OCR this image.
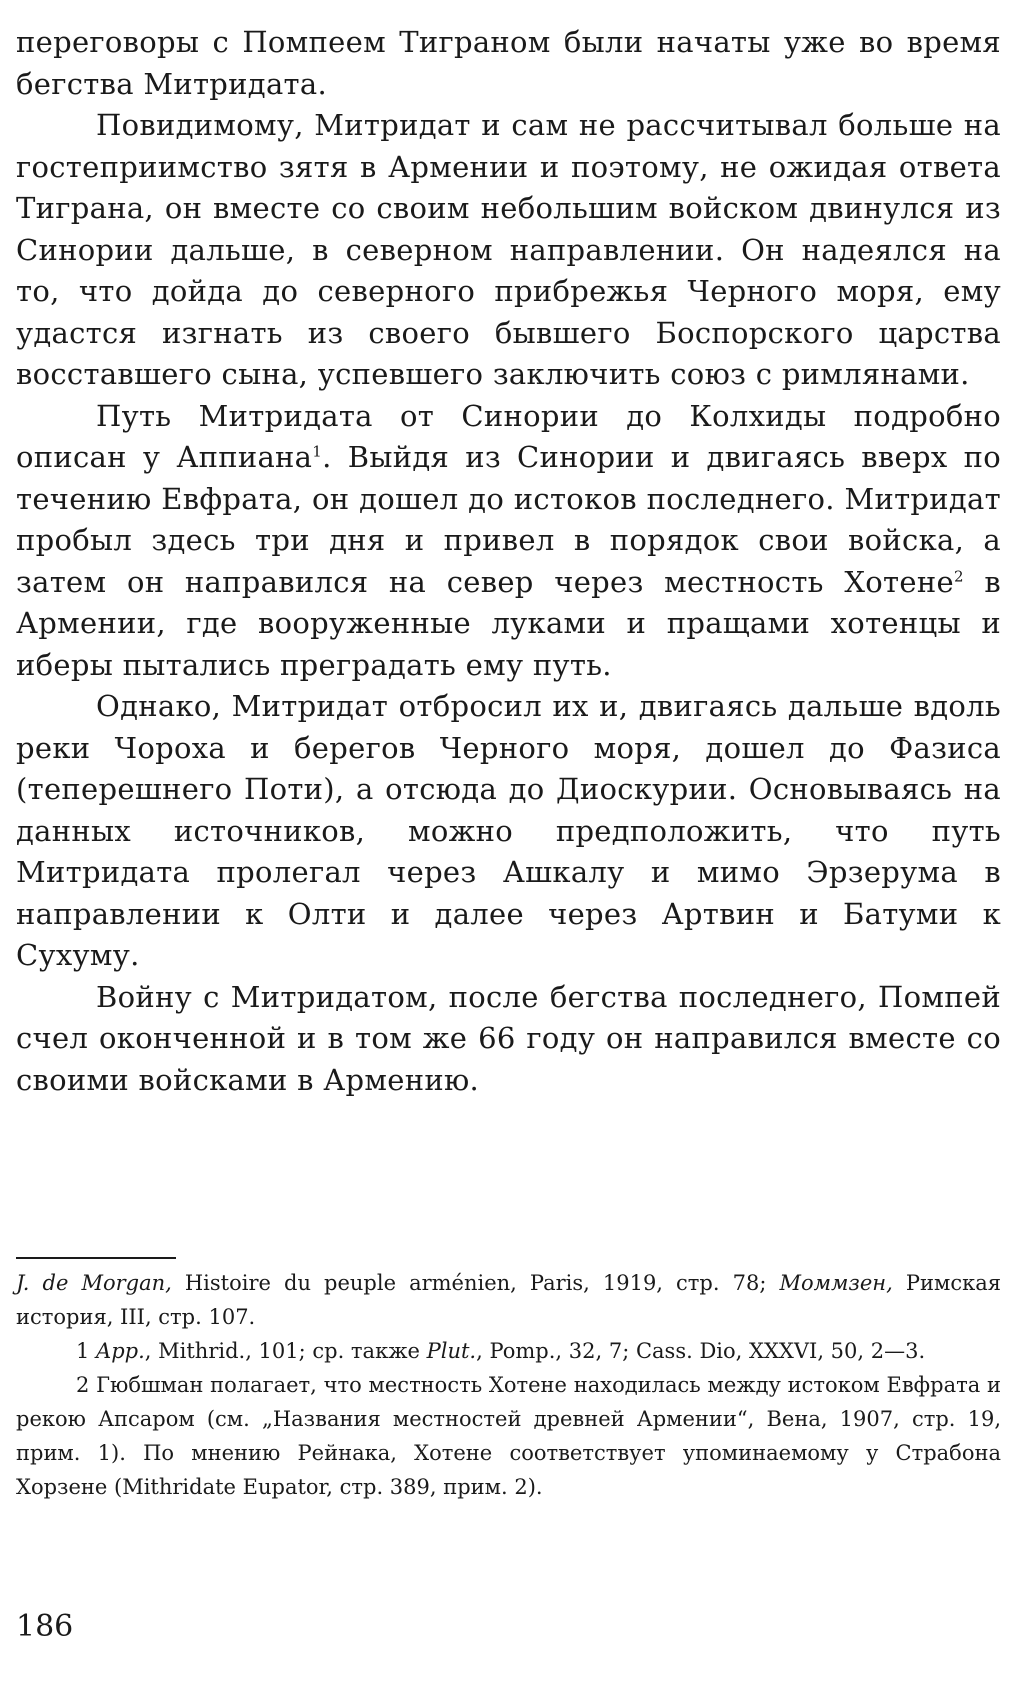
переговоры с Помпеем Тиграном были начаты уже во время бегства Митридата.

Повидимому, Митридат и сам не рассчитывал больше на гостеприимство зятя в Армении и поэтому, не ожидая ответа Тиграна, он вместе со своим небольшим войском двинулся из Синории дальше, в северном направлении. Он надеялся на то, что дойда до северного прибрежья Черного моря, ему удастся изгнать из своего бывшего Боспорского царства восставшего сына, успевшего заключить союз с римлянами.

Путь Митридата от Синории до Колхиды подробно описан у Аппиана$^1$. Выйдя из Синории и двигаясь вверх по течению Евфрата, он дошел до истоков последнего. Митридат пробыл здесь три дня и привел в порядок свои войска, а затем он направился на север через местность Хотене$^2$ в Армении, где вооруженные луками и пращами хотенцы и иберы пытались преградать ему путь.

Однако, Митридат отбросил их и, двигаясь дальше вдоль реки Чороха и берегов Черного моря, дошел до Фазиса (теперешнего Поти), а отсюда до Диоскурии. Основываясь на данных источников, можно предположить, что путь Митридата пролегал через Ашкалу и мимо Эрзерума в направлении к Олти и далее через Артвин и Батуми к Сухуму.

Войну с Митридатом, после бегства последнего, Помпей счел оконченной и в том же 66 году он направился вместе со своими войсками в Армению.

J. de Morgan, Histoire du peuple arménien, Paris, 1919, стр. 78; Моммзен, Римская история, III, стр. 107.

1 App., Mithrid., 101; ср. также Plut., Pomp., 32, 7; Cass. Dio, XXXVI, 50, 2—3.

2 Гюбшман полагает, что местность Хотене находилась между истоком Евфрата и рекою Апсаром (см. „Названия местностей древней Армении“, Вена, 1907, стр. 19, прим. 1). По мнению Рейнака, Хотене соответствует упоминаемому у Страбона Хорзене (Mithridate Eupator, стр. 389, прим. 2).

186
